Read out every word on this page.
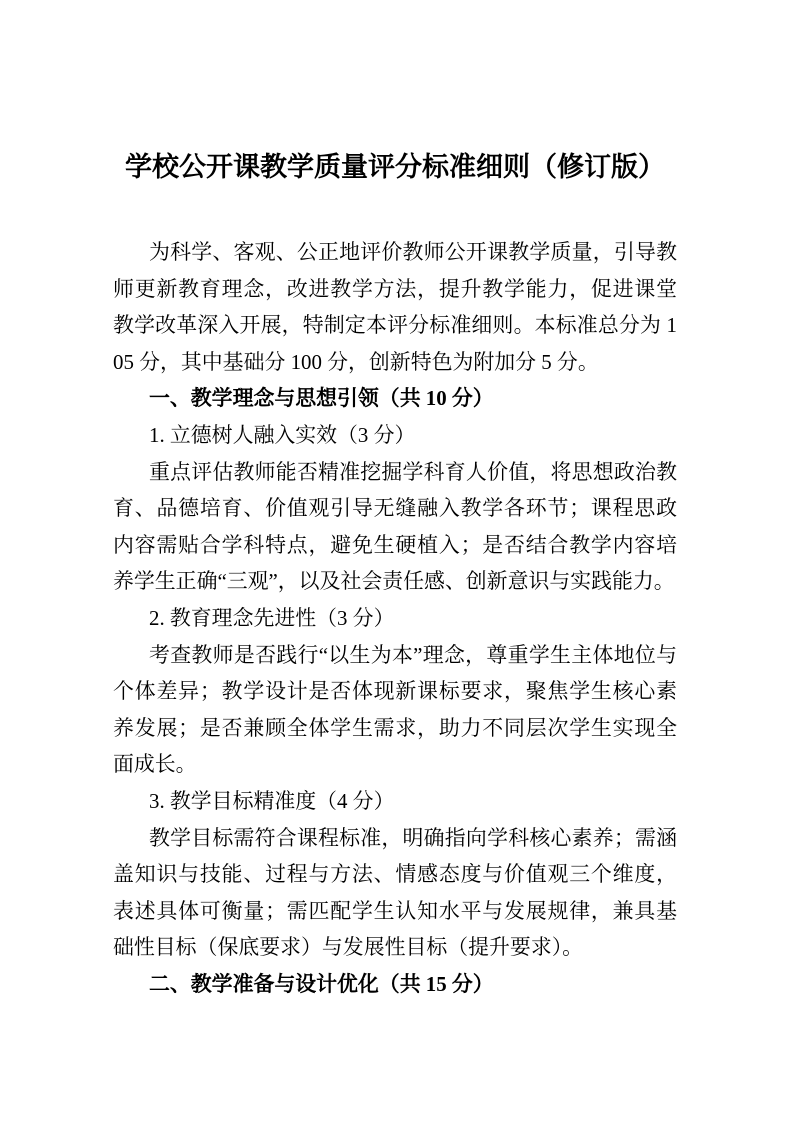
学校公开课教学质量评分标准细则（修订版）

为科学、客观、公正地评价教师公开课教学质量，引导教师更新教育理念，改进教学方法，提升教学能力，促进课堂教学改革深入开展，特制定本评分标准细则。本标准总分为 105 分，其中基础分 100 分，创新特色为附加分 5 分。

一、教学理念与思想引领（共 10 分）

1. 立德树人融入实效（3 分）

重点评估教师能否精准挖掘学科育人价值，将思想政治教育、品德培育、价值观引导无缝融入教学各环节；课程思政内容需贴合学科特点，避免生硬植入；是否结合教学内容培养学生正确“三观”，以及社会责任感、创新意识与实践能力。

2. 教育理念先进性（3 分）

考查教师是否践行“以生为本”理念，尊重学生主体地位与个体差异；教学设计是否体现新课标要求，聚焦学生核心素养发展；是否兼顾全体学生需求，助力不同层次学生实现全面成长。

3. 教学目标精准度（4 分）

教学目标需符合课程标准，明确指向学科核心素养；需涵盖知识与技能、过程与方法、情感态度与价值观三个维度，表述具体可衡量；需匹配学生认知水平与发展规律，兼具基础性目标（保底要求）与发展性目标（提升要求）。

二、教学准备与设计优化（共 15 分）
